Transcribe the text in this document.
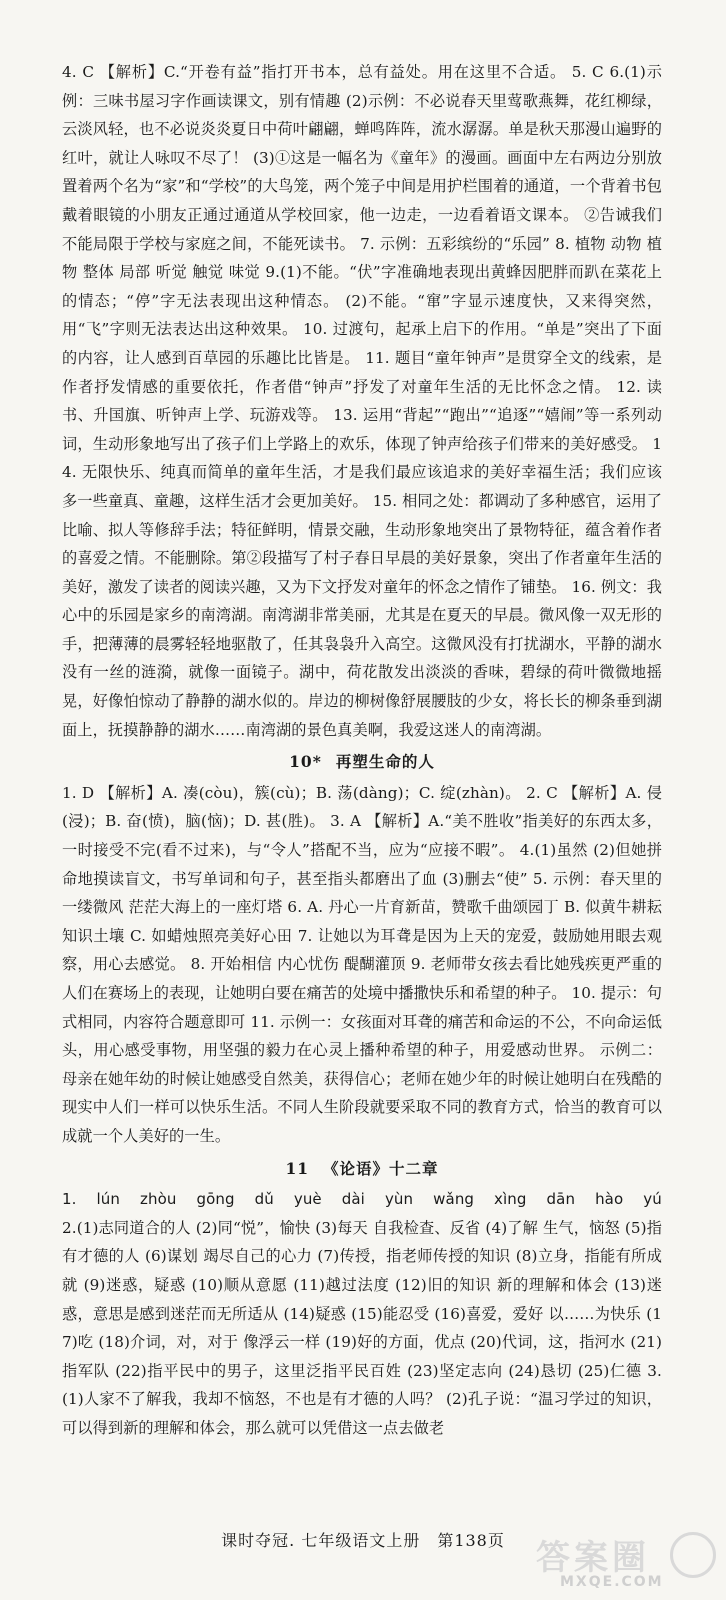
4. C 【解析】C.“开卷有益”指打开书本，总有益处。用在这里不合适。 5. C 6.(1)示例：三味书屋习字作画读课文，别有情趣 (2)示例：不必说春天里莺歌燕舞，花红柳绿，云淡风轻，也不必说炎炎夏日中荷叶翩翩，蝉鸣阵阵，流水潺潺。单是秋天那漫山遍野的红叶，就让人咏叹不尽了！ (3)①这是一幅名为《童年》的漫画。画面中左右两边分别放置着两个名为“家”和“学校”的大鸟笼，两个笼子中间是用护栏围着的通道，一个背着书包戴着眼镜的小朋友正通过通道从学校回家，他一边走，一边看着语文课本。 ②告诫我们不能局限于学校与家庭之间，不能死读书。 7. 示例：五彩缤纷的“乐园” 8. 植物 动物 植物 整体 局部 听觉 触觉 味觉 9.(1)不能。“伏”字准确地表现出黄蜂因肥胖而趴在菜花上的情态；“停”字无法表现出这种情态。 (2)不能。“窜”字显示速度快，又来得突然，用“飞”字则无法表达出这种效果。 10. 过渡句，起承上启下的作用。“单是”突出了下面的内容，让人感到百草园的乐趣比比皆是。 11. 题目“童年钟声”是贯穿全文的线索，是作者抒发情感的重要依托，作者借“钟声”抒发了对童年生活的无比怀念之情。 12. 读书、升国旗、听钟声上学、玩游戏等。 13. 运用“背起”“跑出”“追逐”“嬉闹”等一系列动词，生动形象地写出了孩子们上学路上的欢乐，体现了钟声给孩子们带来的美好感受。 14. 无限快乐、纯真而简单的童年生活，才是我们最应该追求的美好幸福生活；我们应该多一些童真、童趣，这样生活才会更加美好。 15. 相同之处：都调动了多种感官，运用了比喻、拟人等修辞手法；特征鲜明，情景交融，生动形象地突出了景物特征，蕴含着作者的喜爱之情。不能删除。第②段描写了村子春日早晨的美好景象，突出了作者童年生活的美好，激发了读者的阅读兴趣，又为下文抒发对童年的怀念之情作了铺垫。 16. 例文：我心中的乐园是家乡的南湾湖。南湾湖非常美丽，尤其是在夏天的早晨。微风像一双无形的手，把薄薄的晨雾轻轻地驱散了，任其袅袅升入高空。这微风没有打扰湖水，平静的湖水没有一丝的涟漪，就像一面镜子。湖中，荷花散发出淡淡的香味，碧绿的荷叶微微地摇晃，好像怕惊动了静静的湖水似的。岸边的柳树像舒展腰肢的少女，将长长的柳条垂到湖面上，抚摸静静的湖水……南湾湖的景色真美啊，我爱这迷人的南湾湖。

10* 再塑生命的人

1. D 【解析】A. 凑(còu)，簇(cù)；B. 荡(dàng)；C. 绽(zhàn)。 2. C 【解析】A. 侵(浸)；B. 奋(愤)，脑(恼)；D. 甚(胜)。 3. A 【解析】A.“美不胜收”指美好的东西太多，一时接受不完(看不过来)，与“令人”搭配不当，应为“应接不暇”。 4.(1)虽然 (2)但她拼命地摸读盲文，书写单词和句子，甚至指头都磨出了血 (3)删去“使” 5. 示例：春天里的一缕微风 茫茫大海上的一座灯塔 6. A. 丹心一片育新苗，赞歌千曲颂园丁 B. 似黄牛耕耘知识土壤 C. 如蜡烛照亮美好心田 7. 让她以为耳聋是因为上天的宠爱，鼓励她用眼去观察，用心去感觉。 8. 开始相信 内心忧伤 醍醐灌顶 9. 老师带女孩去看比她残疾更严重的人们在赛场上的表现，让她明白要在痛苦的处境中播撒快乐和希望的种子。 10. 提示：句式相同，内容符合题意即可 11. 示例一：女孩面对耳聋的痛苦和命运的不公，不向命运低头，用心感受事物，用坚强的毅力在心灵上播种希望的种子，用爱感动世界。 示例二：母亲在她年幼的时候让她感受自然美，获得信心；老师在她少年的时候让她明白在残酷的现实中人们一样可以快乐生活。不同人生阶段就要采取不同的教育方式，恰当的教育可以成就一个人美好的一生。

11 《论语》十二章
1. lún zhòu gōng dǔ yuè dài yùn wǎng xìng dān hào yú

2.(1)志同道合的人 (2)同“悦”，愉快 (3)每天 自我检查、反省 (4)了解 生气，恼怒 (5)指有才德的人 (6)谋划 竭尽自己的心力 (7)传授，指老师传授的知识 (8)立身，指能有所成就 (9)迷惑，疑惑 (10)顺从意愿 (11)越过法度 (12)旧的知识 新的理解和体会 (13)迷惑，意思是感到迷茫而无所适从 (14)疑惑 (15)能忍受 (16)喜爱，爱好 以……为快乐 (17)吃 (18)介词，对，对于 像浮云一样 (19)好的方面，优点 (20)代词，这，指河水 (21)指军队 (22)指平民中的男子，这里泛指平民百姓 (23)坚定志向 (24)恳切 (25)仁德 3.(1)人家不了解我，我却不恼怒，不也是有才德的人吗？ (2)孔子说：“温习学过的知识，可以得到新的理解和体会，那么就可以凭借这一点去做老

课时夺冠. 七年级语文上册　第138页 答案圈
MXQE.COM
